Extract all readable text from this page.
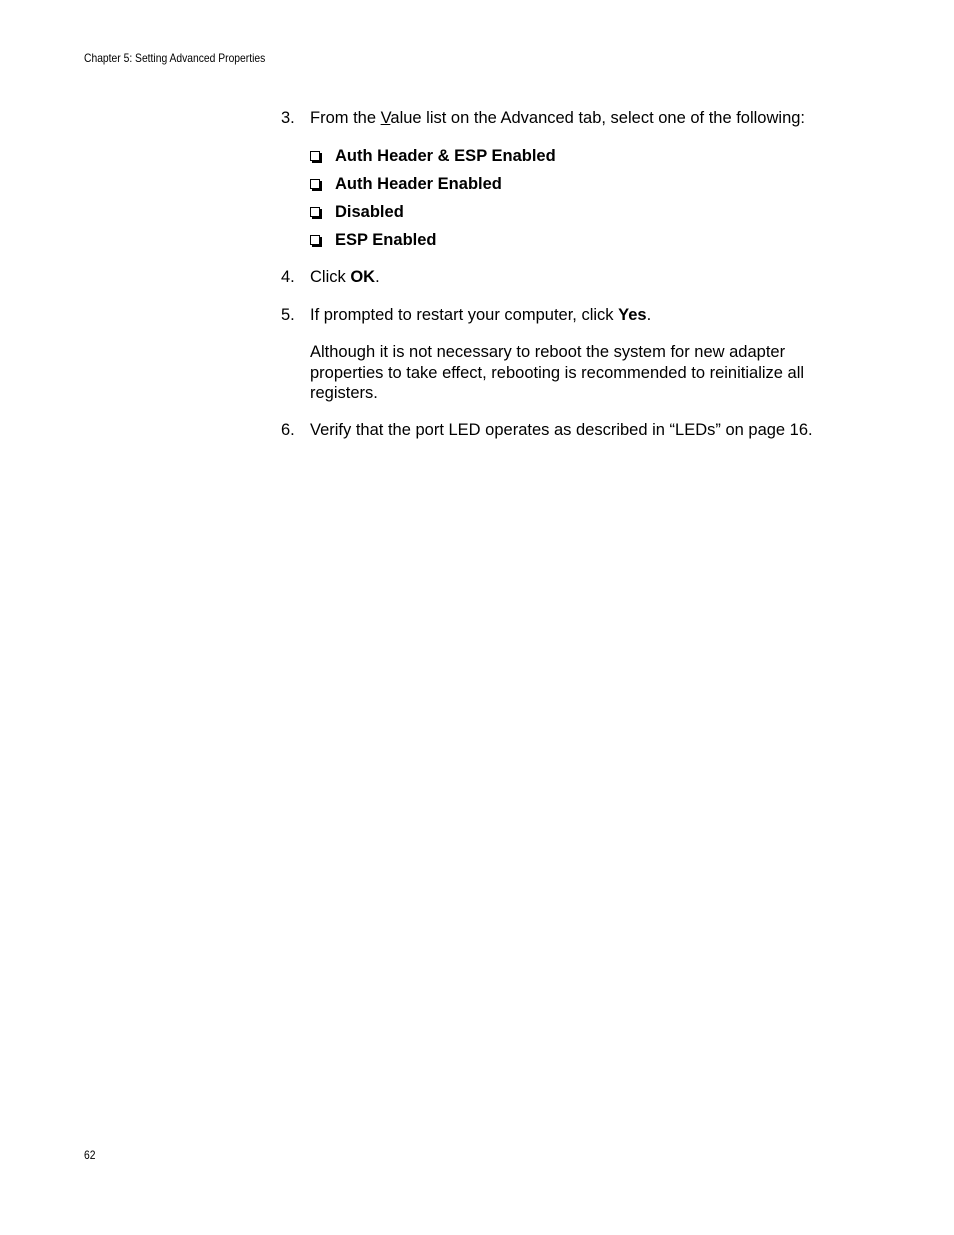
Chapter 5: Setting Advanced Properties
3. From the Value list on the Advanced tab, select one of the following:
Auth Header & ESP Enabled
Auth Header Enabled
Disabled
ESP Enabled
4. Click OK.
5. If prompted to restart your computer, click Yes.
Although it is not necessary to reboot the system for new adapter properties to take effect, rebooting is recommended to reinitialize all registers.
6. Verify that the port LED operates as described in “LEDs” on page 16.
62
